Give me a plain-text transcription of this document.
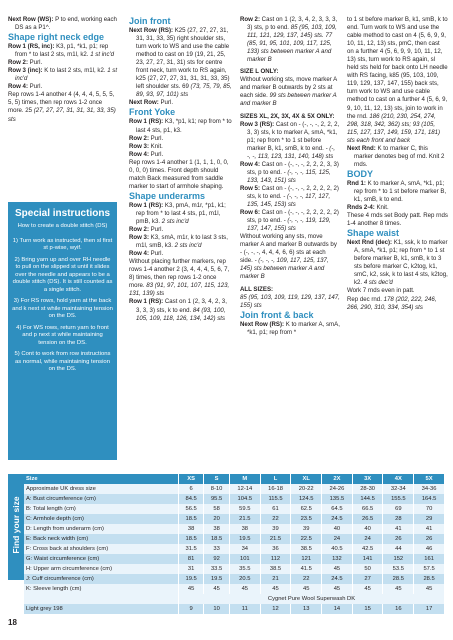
Next Row (WS): P to end, working each DS as a P1^.

Shape right neck edge

Row 1 (RS, inc): K3, p1, *k1, p1; rep from * to last 2 sts, m1l, k2. 1 st inc'd

Row 2: Purl.

Row 3 (inc): K to last 2 sts, m1l, k2. 1 st inc'd

Row 4: Purl.

Rep rows 1-4 another 4 (4, 4, 4, 5, 5, 5, 5, 5) times, then rep rows 1-2 once more. 25 (27, 27, 27, 31, 31, 31, 33, 35) sts

Special instructions

How to create a double stitch (DS)

1) Turn work as instructed, then sl first st p-wise, wyif.

2) Bring yarn up and over RH needle to pull on the slipped st until it slides over the needle and appears to be a double stitch (DS). It is still counted as a single stitch.

3) For RS rows, hold yarn at the back and k next st while maintaining tension on the DS.

4) For WS rows, return yarn to front and p next st while maintaining tension on the DS.

5) Cont to work from row instructions as normal, while maintaining tension on the DS.

Join front

Next Row (RS): K25 (27, 27, 27, 31, 31, 31, 33, 35) right shoulder sts, turn work to WS and use the cable method to cast on 19 (19, 21, 25, 23, 27, 27, 31, 31) sts for centre front neck, turn work to RS again, k25 (27, 27, 27, 31, 31, 31, 33, 35) left shoulder sts. 69 (73, 75, 79, 85, 89, 93, 97, 101) sts

Next Row: Purl.

Front Yoke

Row 1 (RS): K3, *p1, k1; rep from * to last 4 sts, p1, k3.

Row 2: Purl.

Row 3: Knit.

Row 4: Purl.

Rep rows 1-4 another 1 (1, 1, 1, 0, 0, 0, 0, 0) times. Front depth should match Back measured from saddle marker to start of armhole shaping.

Shape underarms

Row 1 (RS): K3, pmA, m1r, *p1, k1; rep from * to last 4 sts, p1, m1l, pmB, k3. 2 sts inc'd

Row 2: Purl.

Row 3: K3, smA, m1r, k to last 3 sts, m1l, smB, k3. 2 sts inc'd

Row 4: Purl.

Without placing further markers, rep rows 1-4 another 2 (3, 4, 4, 4, 5, 6, 7, 8) times, then rep rows 1-2 once more. 83 (91, 97, 101, 107, 115, 123, 131, 139) sts

Row 1 (RS): Cast on 1 (2, 3, 4, 2, 3, 3, 3, 3) sts, k to end. 84 (93, 100, 105, 109, 118, 126, 134, 142) sts

Row 2: Cast on 1 (2, 3, 4, 2, 3, 3, 3, 3) sts, p to end. 85 (95, 103, 109, 111, 121, 129, 137, 145) sts. 77 (85, 91, 95, 101, 109, 117, 125, 133) sts between marker A and marker B

SIZE L ONLY:

Without working sts, move marker A and marker B outwards by 2 sts at each side. 99 sts between marker A and marker B

SIZES XL, 2X, 3X, 4X & 5X ONLY:

Row 3 (RS): Cast on - (-, -, -, 2, 2, 2, 3, 3) sts, k to marker A, smA, *k1, p1; rep from * to 1 st before marker B, k1, smB, k to end. - (-, -, -, 113, 123, 131, 140, 148) sts

Row 4: Cast on - (-, -, -, 2, 2, 2, 3, 3) sts, p to end. - (-, -, -, 115, 125, 133, 143, 151) sts

Row 5: Cast on - (-, -, -, 2, 2, 2, 2, 2) sts, k to end. - (-, -, -, 117, 127, 135, 145, 153) sts

Row 6: Cast on - (-, -, -, 2, 2, 2, 2, 2) sts, p to end. - (-, -, -, 119, 129, 137, 147, 155) sts

Without working any sts, move marker A and marker B outwards by - (-, -, -, 4, 4, 4, 6, 6) sts at each side. - (-, -, -, 109, 117, 125, 137, 145) sts between marker A and marker B

ALL SIZES:

85 (95, 103, 109, 119, 129, 137, 147, 155) sts

Join front & back

Next Row (RS): K to marker A, smA, *k1, p1; rep from *

to 1 st before marker B, k1, smB, k to end. Turn work to WS and use the cable method to cast on 4 (5, 6, 9, 9, 10, 11, 12, 13) sts, pmC, then cast on a further 4 (5, 6, 9, 9, 10, 11, 12, 13) sts, turn work to RS again, sl held sts held for back onto LH needle with RS facing, k85 (95, 103, 109, 119, 129, 137, 147, 155) back sts, turn work to WS and use cable method to cast on a further 4 (5, 6, 9, 9, 10, 11, 12, 13) sts, join to work in the rnd. 186 (210, 230, 254, 274, 298, 318, 342, 362) sts; 93 (105, 115, 127, 137, 149, 159, 171, 181) sts each front and back

Next Rnd: K to marker C, this marker denotes beg of rnd. Knit 2 rnds.

BODY

Rnd 1: K to marker A, smA, *k1, p1; rep from * to 1 st before marker B, k1, smB, k to end.

Rnds 2-4: Knit.

These 4 rnds set Body patt. Rep rnds 1-4 another 8 times.

Shape waist

Next Rnd (dec): K1, ssk, k to marker A, smA, *k1, p1; rep from * to 1 st before marker B, k1, smB, k to 3 sts before marker C, k2tog, k1, smC, k2, ssk, k to last 4 sts, k2tog, k2. 4 sts dec'd

Work 7 rnds even in patt.

Rep dec rnd. 178 (202, 222, 246, 266, 290, 310, 334, 354) sts

Find your size
Size	XS	S	M	L	XL	2X	3X	4X	5X
Approximate UK dress size	6	8-10	12-14	16-18	20-22	24-26	28-30	32-34	34-36
A: Bust circumference (cm)	84.5	95.5	104.5	115.5	124.5	135.5	144.5	155.5	164.5
B: Total length (cm)	56.5	58	59.5	61	62.5	64.5	66.5	69	70
C: Armhole depth (cm)	18.5	20	21.5	22	23.5	24.5	26.5	28	29
D: Length from underarm (cm)	38	38	38	39	39	40	40	41	41
E: Back neck width (cm)	18.5	18.5	19.5	21.5	22.5	24	24	26	26
F: Cross back at shoulders (cm)	31.5	33	34	36	38.5	40.5	42.5	44	46
G: Waist circumference (cm)	81	92	101	112	121	132	141	152	161
H: Upper arm circumference (cm)	31	33.5	35.5	38.5	41.5	45	50	53.5	57.5
J: Cuff circumference (cm)	19.5	19.5	20.5	21	22	24.5	27	28.5	28.5
K: Sleeve length (cm)	45	45	45	45	45	45	45	45	45
	Cygnet Pure Wool Superwash DK								
Light grey 198	9	10	11	12	13	14	15	16	17
18
